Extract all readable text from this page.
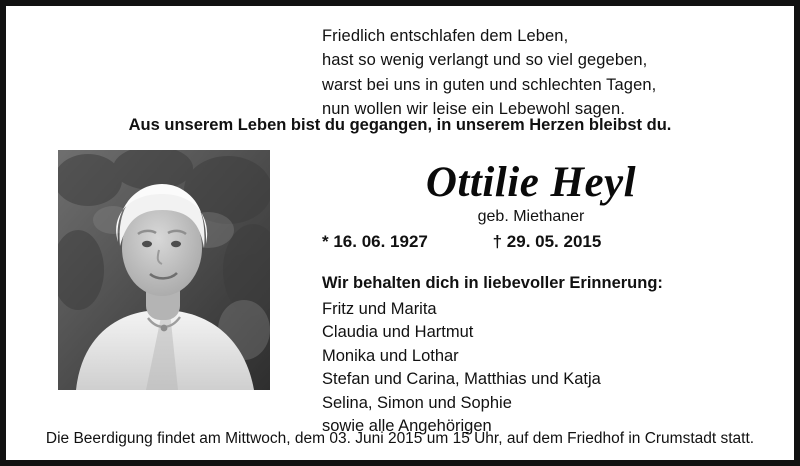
Friedlich entschlafen dem Leben,
hast so wenig verlangt und so viel gegeben,
warst bei uns in guten und schlechten Tagen,
nun wollen wir leise ein Lebewohl sagen.
Aus unserem Leben bist du gegangen, in unserem Herzen bleibst du.
Ottilie Heyl
geb. Miethaner
* 16. 06. 1927	† 29. 05. 2015
Wir behalten dich in liebevoller Erinnerung:
Fritz und Marita
Claudia und Hartmut
Monika und Lothar
Stefan und Carina, Matthias und Katja
Selina, Simon und Sophie
sowie alle Angehörigen
Die Beerdigung findet am Mittwoch, dem 03. Juni 2015 um 15 Uhr, auf dem Friedhof in Crumstadt statt.
